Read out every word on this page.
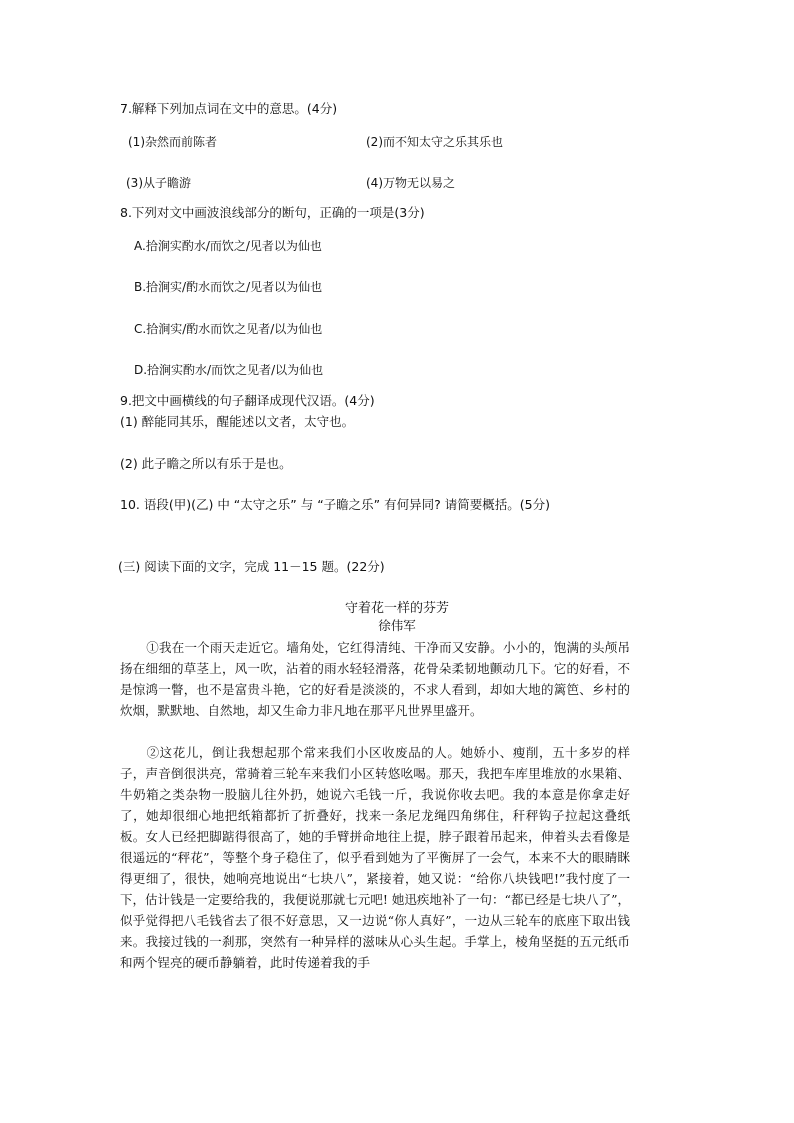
7.解释下列加点词在文中的意思。(4分)
(1)杂然而前陈者	(2)而不知太守之乐其乐也
(3)从子瞻游	(4)万物无以易之
8.下列对文中画波浪线部分的断句，正确的一项是(3分)
A.拾涧实酌水/而饮之/见者以为仙也
B.拾涧实/酌水而饮之/见者以为仙也
C.拾涧实/酌水而饮之见者/以为仙也
D.拾涧实酌水/而饮之见者/以为仙也
9.把文中画横线的句子翻译成现代汉语。(4分)
(1) 醉能同其乐，醒能述以文者，太守也。
(2) 此子瞻之所以有乐于是也。
10. 语段(甲)(乙) 中 “太守之乐” 与 “子瞻之乐” 有何异同? 请简要概括。(5分)
(三) 阅读下面的文字，完成 11－15 题。(22分)
守着花一样的芬芳
徐伟军
①我在一个雨天走近它。墙角处，它红得清纯、干净而又安静。小小的，饱满的头颅吊扬在细细的草茎上，风一吹，沾着的雨水轻轻滑落，花骨朵柔韧地颤动几下。它的好看，不是惊鸿一瞥，也不是富贵斗艳，它的好看是淡淡的，不求人看到，却如大地的篱笆、乡村的炊烟，默默地、自然地，却又生命力非凡地在那平凡世界里盛开。
②这花儿，倒让我想起那个常来我们小区收废品的人。她娇小、瘦削，五十多岁的样子，声音倒很洪亮，常骑着三轮车来我们小区转悠吆喝。那天，我把车库里堆放的水果箱、牛奶箱之类杂物一股脑儿往外扔，她说六毛钱一斤，我说你收去吧。我的本意是你拿走好了，她却很细心地把纸箱都折了折叠好，找来一条尼龙绳四角绑住，秆秤钩子拉起这叠纸板。女人已经把脚踮得很高了，她的手臂拼命地往上提，脖子跟着吊起来，伸着头去看像是很遥远的“秤花”，等整个身子稳住了，似乎看到她为了平衡屏了一会气，本来不大的眼睛眯得更细了，很快，她响亮地说出“七块八”，紧接着，她又说：“给你八块钱吧!”我忖度了一下，估计钱是一定要给我的，我便说那就七元吧! 她迅疾地补了一句：“都已经是七块八了”，似乎觉得把八毛钱省去了很不好意思，又一边说“你人真好”，一边从三轮车的底座下取出钱来。我接过钱的一刹那，突然有一种异样的滋味从心头生起。手掌上，棱角坚挺的五元纸币和两个锃亮的硬币静躺着，此时传递着我的手
